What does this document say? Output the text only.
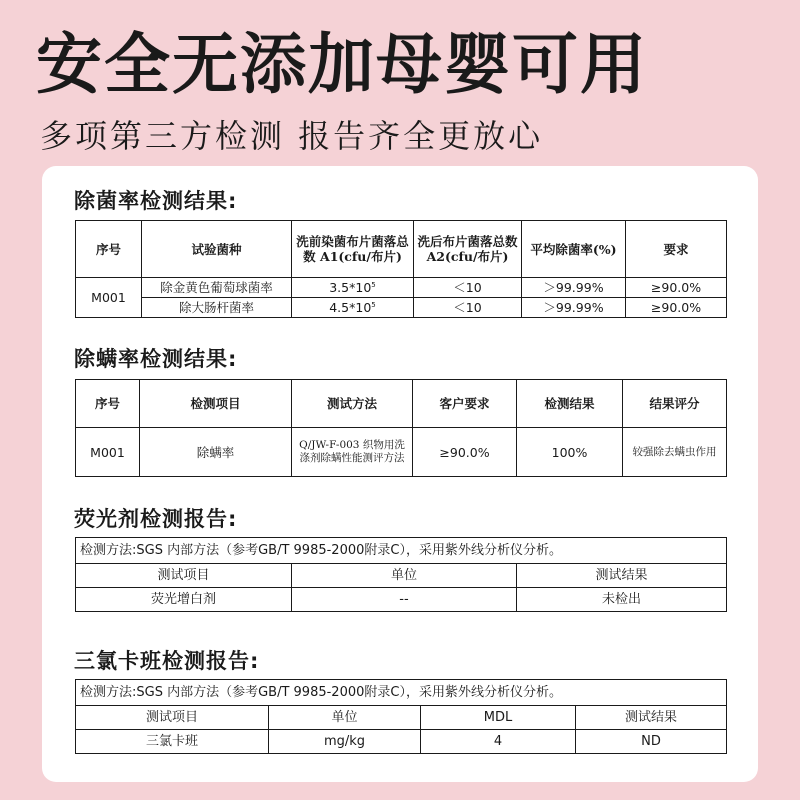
安全无添加母婴可用
多项第三方检测 报告齐全更放心
除菌率检测结果:
序号	试验菌种	洗前染菌布片菌落总数 A1(cfu/布片)	洗后布片菌落总数 A2(cfu/布片)	平均除菌率(%)	要求
M001	除金黄色葡萄球菌率	$3.5*10^5$	＜10	＞99.99%	≥90.0%
	除大肠杆菌率	$4.5*10^5$	＜10	＞99.99%	≥90.0%
除螨率检测结果:
序号	检测项目	测试方法	客户要求	检测结果	结果评分
M001	除螨率	Q/JW-F-003 织物用洗涤剂除螨性能测评方法	≥90.0%	100%	较强除去螨虫作用
荧光剂检测报告:
检测方法:SGS 内部方法（参考GB/T 9985-2000附录C），采用紫外线分析仪分析。		
测试项目	单位	测试结果
荧光增白剂	--	未检出
三氯卡班检测报告:
检测方法:SGS 内部方法（参考GB/T 9985-2000附录C），采用紫外线分析仪分析。			
测试项目	单位	MDL	测试结果
三氯卡班	mg/kg	4	ND
